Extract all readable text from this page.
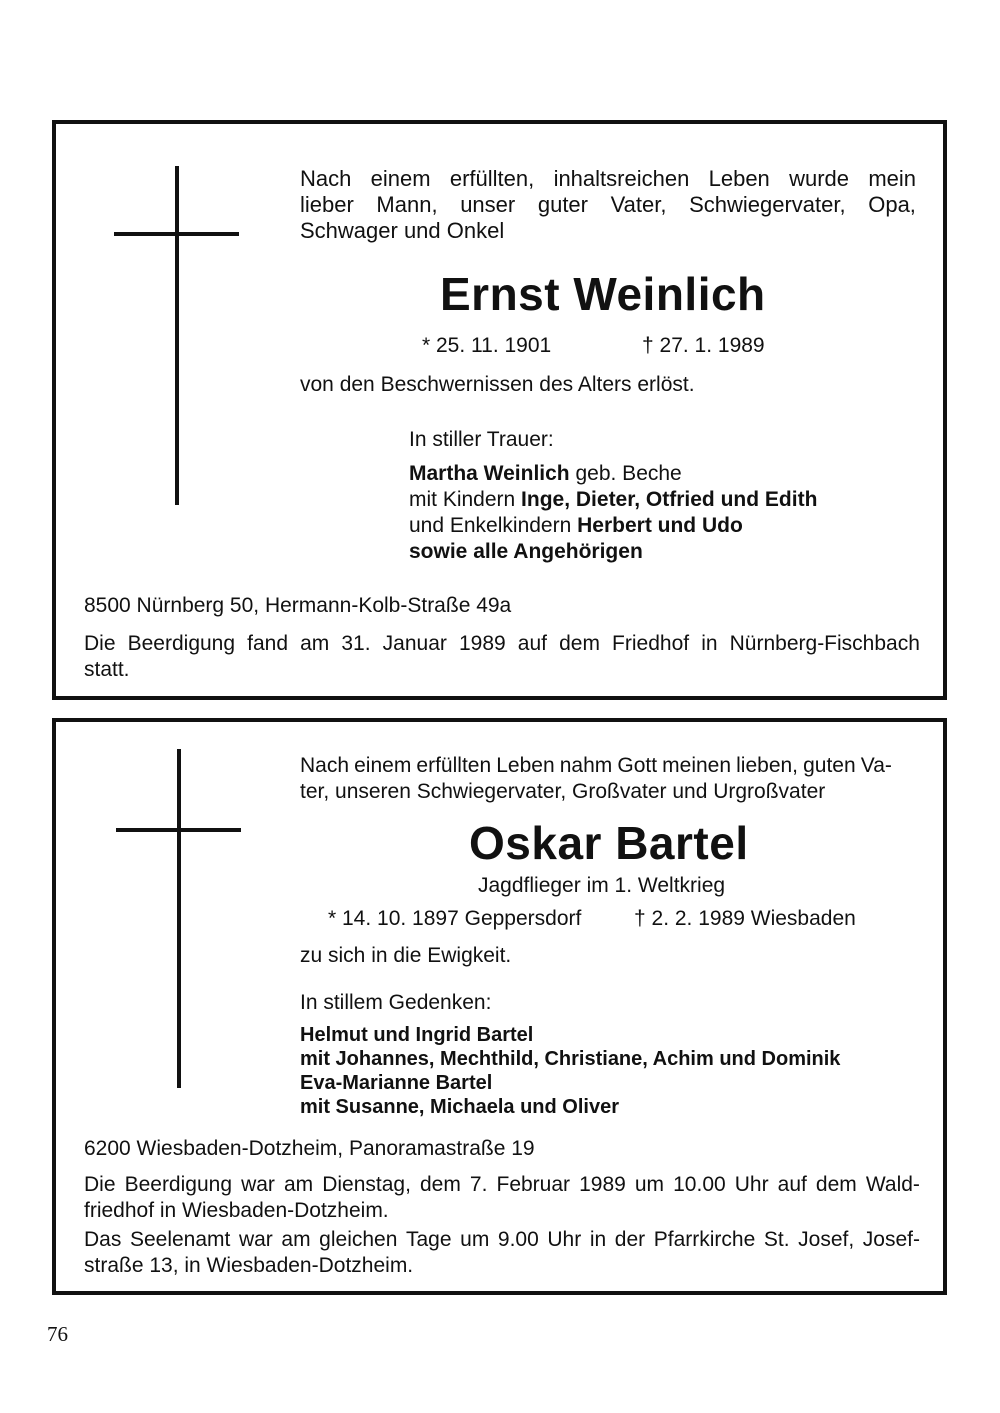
Nach einem erfüllten, inhaltsreichen Leben wurde mein
lieber Mann, unser guter Vater, Schwiegervater, Opa,
Schwager und Onkel
Ernst Weinlich
* 25. 11. 1901	† 27. 1. 1989
von den Beschwernissen des Alters erlöst.
In stiller Trauer:
Martha Weinlich geb. Beche
mit Kindern Inge, Dieter, Otfried und Edith
und Enkelkindern Herbert und Udo
sowie alle Angehörigen
8500 Nürnberg 50, Hermann-Kolb-Straße 49a
Die Beerdigung fand am 31. Januar 1989 auf dem Friedhof in Nürnberg-Fischbach
statt.
Nach einem erfüllten Leben nahm Gott meinen lieben, guten Va-
ter, unseren Schwiegervater, Großvater und Urgroßvater
Oskar Bartel
Jagdflieger im 1. Weltkrieg
* 14. 10. 1897 Geppersdorf	† 2. 2. 1989 Wiesbaden
zu sich in die Ewigkeit.
In stillem Gedenken:
Helmut und Ingrid Bartel
mit Johannes, Mechthild, Christiane, Achim und Dominik
Eva-Marianne Bartel
mit Susanne, Michaela und Oliver
6200 Wiesbaden-Dotzheim, Panoramastraße 19
Die Beerdigung war am Dienstag, dem 7. Februar 1989 um 10.00 Uhr auf dem Wald-
friedhof in Wiesbaden-Dotzheim.
Das Seelenamt war am gleichen Tage um 9.00 Uhr in der Pfarrkirche St. Josef, Josef-
straße 13, in Wiesbaden-Dotzheim.
76
